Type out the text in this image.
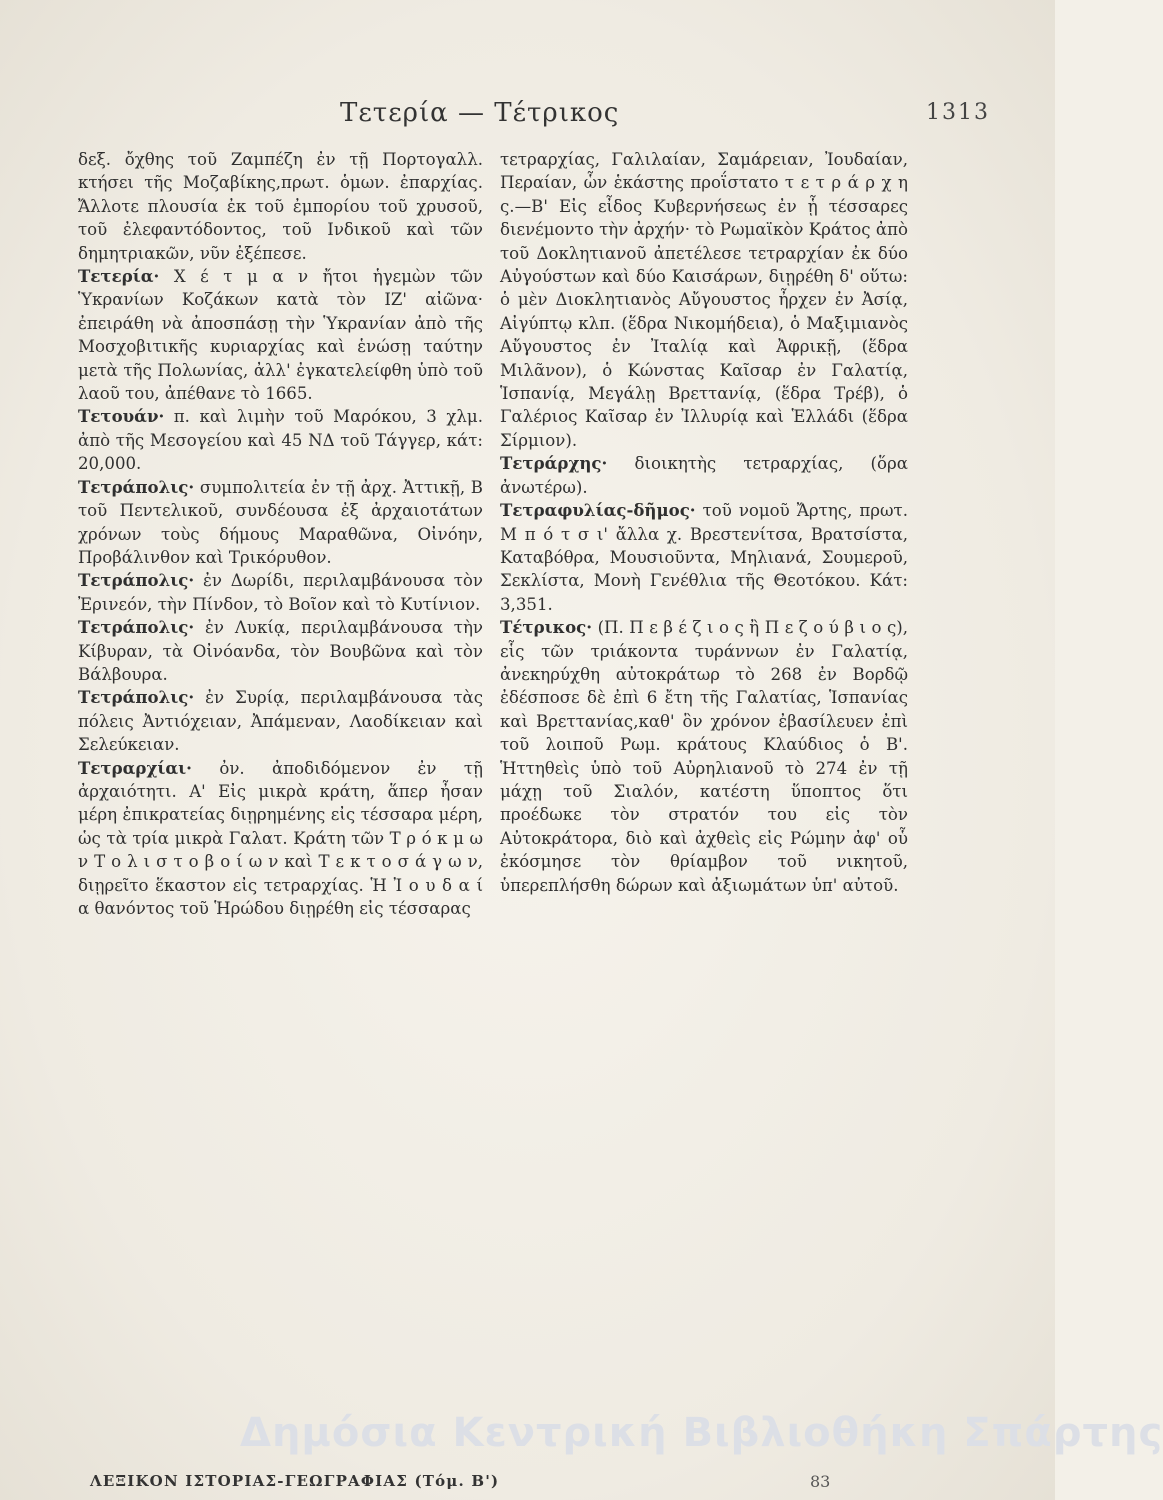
Τετερία — Τέτρικος	1313

δεξ. ὄχθης τοῦ Ζαμπέζη ἐν τῇ Πορτογαλλ. κτήσει τῆς Μοζαβίκης,πρωτ. ὁμων. ἐπαρχίας. Ἄλλοτε πλουσία ἐκ τοῦ ἐμπορίου τοῦ χρυσοῦ, τοῦ ἐλεφαντόδοντος, τοῦ Ινδικοῦ καὶ τῶν δημητριακῶν, νῦν ἐξέπεσε.

Τετερία· Χ έ τ μ α ν ἤτοι ἡγεμὼν τῶν Ὑκρανίων Κοζάκων κατὰ τὸν ΙΖ' αἰῶνα· ἐπειράθη νὰ ἀποσπάσῃ τὴν Ὑκρανίαν ἀπὸ τῆς Μοσχοβιτικῆς κυριαρχίας καὶ ἑνώσῃ ταύτην μετὰ τῆς Πολωνίας, ἀλλ' ἐγκατελείφθη ὑπὸ τοῦ λαοῦ του, ἀπέθανε τὸ 1665.

Τετουάν· π. καὶ λιμὴν τοῦ Μαρόκου, 3 χλμ. ἀπὸ τῆς Μεσογείου καὶ 45 ΝΔ τοῦ Τάγγερ, κάτ: 20,000.

Τετράπολις· συμπολιτεία ἐν τῇ ἀρχ. Ἀττικῇ, Β τοῦ Πεντελικοῦ, συνδέουσα ἐξ ἀρχαιοτάτων χρόνων τοὺς δήμους Μαραθῶνα, Οἰνόην, Προβάλινθον καὶ Τρικόρυθον.

Τετράπολις· ἐν Δωρίδι, περιλαμβάνουσα τὸν Ἐρινεόν, τὴν Πίνδον, τὸ Βοῖον καὶ τὸ Κυτίνιον.

Τετράπολις· ἐν Λυκίᾳ, περιλαμβάνουσα τὴν Κίβυραν, τὰ Οἰνόανδα, τὸν Βουβῶνα καὶ τὸν Βάλβουρα.

Τετράπολις· ἐν Συρίᾳ, περιλαμβάνουσα τὰς πόλεις Ἀντιόχειαν, Ἀπάμεναν, Λαοδίκειαν καὶ Σελεύκειαν.

Τετραρχίαι· ὀν. ἀποδιδόμενον ἐν τῇ ἀρχαιότητι. Α' Εἰς μικρὰ κράτη, ἅπερ ἦσαν μέρη ἐπικρατείας διῃρημένης εἰς τέσσαρα μέρη, ὡς τὰ τρία μικρὰ Γαλατ. Κράτη τῶν Τ ρ ό κ μ ω ν Τ ο λ ι σ τ ο β ο ί ω ν καὶ Τ ε κ τ ο σ ά γ ω ν, διῃρεῖτο ἕκαστον εἰς τετραρχίας. Ἡ Ἰ ο υ δ α ί α θανόντος τοῦ Ἡρώδου διῃρέθη εἰς τέσσαρας

τετραρχίας, Γαλιλαίαν, Σαμάρειαν, Ἰουδαίαν, Περαίαν, ὧν ἑκάστης προΐστατο τ ε τ ρ ά ρ χ η ς.—Β' Εἰς εἶδος Κυβερνήσεως ἐν ᾗ τέσσαρες διενέμοντο τὴν ἀρχήν· τὸ Ρωμαϊκὸν Κράτος ἀπὸ τοῦ Δοκλητιανοῦ ἀπετέλεσε τετραρχίαν ἐκ δύο Αὐγούστων καὶ δύο Καισάρων, διῃρέθη δ' οὕτω: ὁ μὲν Διοκλητιανὸς Αὔγουστος ἦρχεν ἐν Ἀσίᾳ, Αἰγύπτῳ κλπ. (ἕδρα Νικομήδεια), ὁ Μαξιμιανὸς Αὔγουστος ἐν Ἰταλίᾳ καὶ Ἀφρικῇ, (ἕδρα Μιλᾶνον), ὁ Κώνστας Καῖσαρ ἐν Γαλατίᾳ, Ἱσπανίᾳ, Μεγάλῃ Βρεττανίᾳ, (ἕδρα Τρέβ), ὁ Γαλέριος Καῖσαρ ἐν Ἰλλυρίᾳ καὶ Ἑλλάδι (ἕδρα Σίρμιον).

Τετράρχης· διοικητὴς τετραρχίας, (ὅρα ἀνωτέρω).

Τετραφυλίας-δῆμος· τοῦ νομοῦ Ἄρτης, πρωτ. Μ π ό τ σ ι' ἄλλα χ. Βρεστενίτσα, Βρατσίστα, Καταβόθρα, Μουσιοῦντα, Μηλιανά, Σουμεροῦ, Σεκλίστα, Μονὴ Γενέθλια τῆς Θεοτόκου. Κάτ: 3,351.

Τέτρικος· (Π. Π ε β έ ζ ι ο ς ἢ Π ε ζ ο ύ β ι ο ς), εἷς τῶν τριάκοντα τυράννων ἐν Γαλατίᾳ, ἀνεκηρύχθη αὐτοκράτωρ τὸ 268 ἐν Βορδῷ ἐδέσποσε δὲ ἐπὶ 6 ἔτη τῆς Γαλατίας, Ἱσπανίας καὶ Βρεττανίας,καθ' ὃν χρόνον ἐβασίλευεν ἐπὶ τοῦ λοιποῦ Ρωμ. κράτους Κλαύδιος ὁ Β'. Ἡττηθεὶς ὑπὸ τοῦ Αὐρηλιανοῦ τὸ 274 ἐν τῇ μάχῃ τοῦ Σιαλόν, κατέστη ὕποπτος ὅτι προέδωκε τὸν στρατόν του εἰς τὸν Αὐτοκράτορα, διὸ καὶ ἀχθεὶς εἰς Ρώμην ἀφ' οὗ ἐκόσμησε τὸν θρίαμβον τοῦ νικητοῦ, ὑπερεπλήσθη δώρων καὶ ἀξιωμάτων ὑπ' αὐτοῦ.

ΛΕΞΙΚΟΝ ΙΣΤΟΡΙΑΣ-ΓΕΩΓΡΑΦΙΑΣ (Τόμ. Β')	83
Δημόσια Κεντρική Βιβλιοθήκη Σπάρτης
